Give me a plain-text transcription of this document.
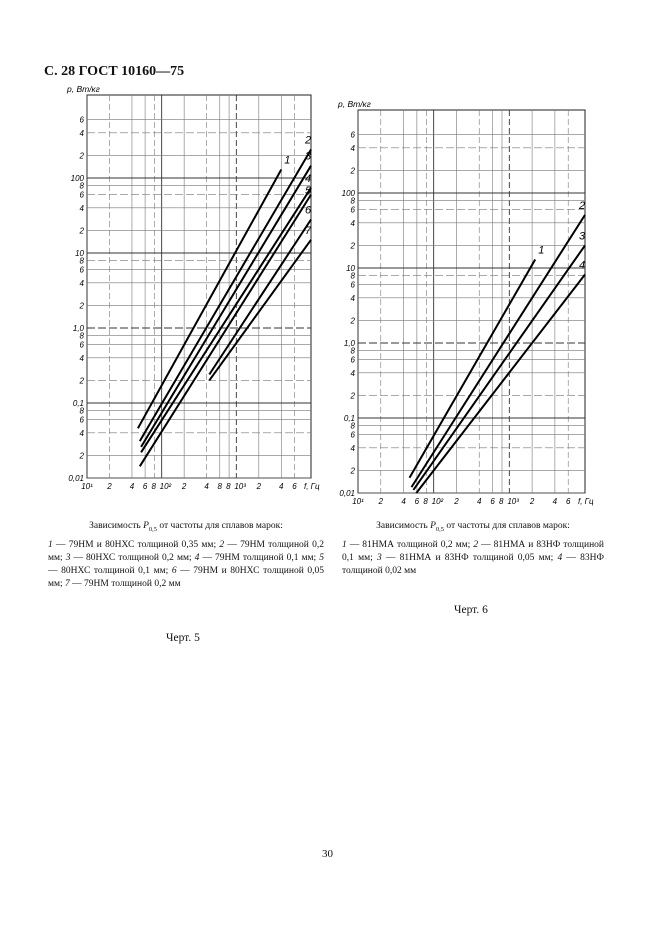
С. 28 ГОСТ 10160—75
10¹ 2 4 6 8 10² 2 4 8 8 10³ 2 4 6
0,01
2
4
6
8
0,1
2
4
6
8
1,0
2
4
6
8
10
2
4
6
8
100
2
4
6
p, Вт/кг
f, Гц
1
2
3
4
5
6
7
10¹ 2 4 6 8 10² 2 4 6 8 10³ 2 4 6
0,01
2
4
6
8
0,1
2
4
6
8
1,0
2
4
6
8
10
2
4
6
8
100
2
4
6
p, Вт/кг
f, Гц
1
2
3
4
Зависимость $P_{0,5}$ от частоты для сплавов марок:
1 — 79НМ и 80НХС толщиной 0,35 мм; 2 — 79НМ толщиной 0,2 мм; 3 — 80НХС толщиной 0,2 мм; 4 — 79НМ толщиной 0,1 мм; 5 — 80НХС толщиной 0,1 мм; 6 — 79НМ и 80НХС толщиной 0,05 мм; 7 — 79НМ толщиной 0,2 мм
Черт. 5
Зависимость $P_{0,5}$ от частоты для сплавов марок:
1 — 81НМА толщиной 0,2 мм; 2 — 81НМА и 83НФ толщиной 0,1 мм; 3 — 81НМА и 83НФ толщиной 0,05 мм; 4 — 83НФ толщиной 0,02 мм
Черт. 6
30
